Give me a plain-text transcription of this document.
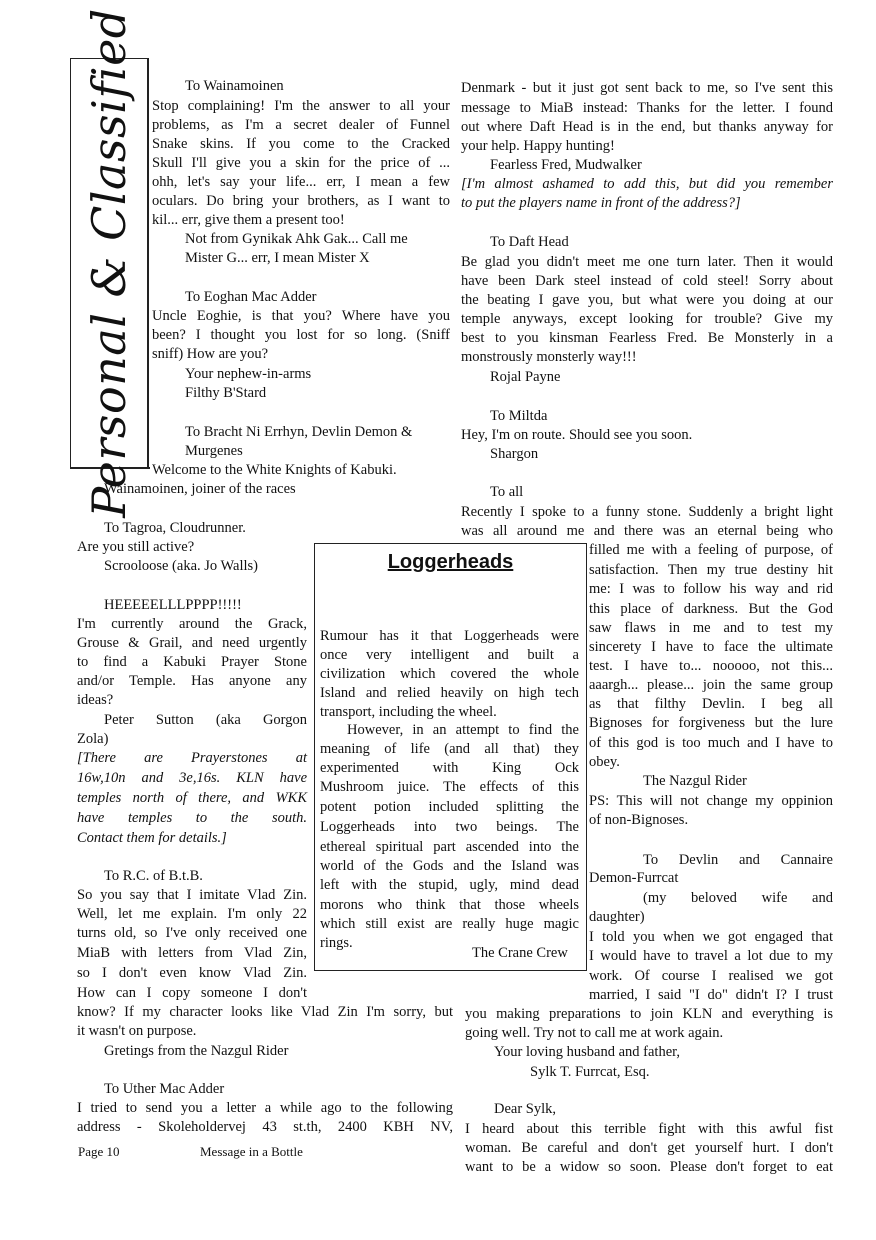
Personal & Classified
Loggerheads
To Wainamoinen
Stop complaining! I'm the answer to all your
problems, as I'm a secret dealer of Funnel
Snake skins. If you come to the Cracked
Skull I'll give you a skin for the price of ...
ohh, let's say your life... err, I mean a few
oculars. Do bring your brothers, as I want to
kil... err, give them a present too!
Not from Gynikak Ahk Gak... Call me
Mister G... err, I mean Mister X
To Eoghan Mac Adder
Uncle Eoghie, is that you? Where have you
been? I thought you lost for so long. (Sniff
sniff) How are you?
Your nephew-in-arms
Filthy B'Stard
To Bracht Ni Errhyn, Devlin Demon &
Murgenes
Welcome to the White Knights of Kabuki.
Wainamoinen, joiner of the races
To Tagroa, Cloudrunner.
Are you still active?
Scrooloose (aka. Jo Walls)
HEEEEELLLPPPP!!!!!
I'm currently around the Grack,
Grouse & Grail, and need urgently
to find a Kabuki Prayer Stone
and/or Temple. Has anyone any
ideas?
Peter Sutton (aka Gorgon
Zola)
[There are Prayerstones at
16w,10n and 3e,16s. KLN have
temples north of there, and WKK
have temples to the south.
Contact them for details.]
To R.C. of B.t.B.
So you say that I imitate Vlad Zin.
Well, let me explain. I'm only 22
turns old, so I've only received one
MiaB with letters from Vlad Zin,
so I don't even know Vlad Zin.
How can I copy someone I don't
know? If my character looks like Vlad Zin I'm sorry, but
it wasn't on purpose.
Gretings from the Nazgul Rider
To Uther Mac Adder
I tried to send you a letter a while ago to the following
address - Skoleholdervej 43 st.th, 2400 KBH NV,
Rumour has it that Loggerheads were
once very intelligent and built a
civilization which covered the whole
Island and relied heavily on high tech
transport, including the wheel.
However, in an attempt to find the
meaning of life (and all that) they
experimented with King Ock
Mushroom juice. The effects of this
potent potion included splitting the
Loggerheads into two beings. The
ethereal spiritual part ascended into the
world of the Gods and the Island was
left with the stupid, ugly, mind dead
morons who think that those wheels
which still exist are really huge magic
rings.
Denmark - but it just got sent back to me, so I've sent this
message to MiaB instead: Thanks for the letter. I found
out where Daft Head is in the end, but thanks anyway for
your help. Happy hunting!
Fearless Fred, Mudwalker
[I'm almost ashamed to add this, but did you remember
to put the players name in front of the address?]
To Daft Head
Be glad you didn't meet me one turn later. Then it would
have been Dark steel instead of cold steel! Sorry about
the beating I gave you, but what were you doing at our
temple anyways, except looking for trouble? Give my
best to you kinsman Fearless Fred. Be Monsterly in a
monstrously monsterly way!!!
Rojal Payne
To Miltda
Hey, I'm on route. Should see you soon.
Shargon
To all
Recently I spoke to a funny stone. Suddenly a bright light
was all around me and there was an eternal being who
filled me with a feeling of purpose, of
satisfaction. Then my true destiny hit
me: I was to follow his way and rid
this place of darkness. But the God
saw flaws in me and to test my
sincerety I have to face the ultimate
test. I have to... nooooo, not this...
aaargh... please... join the same group
as that filthy Devlin. I beg all
Bignoses for forgiveness but the lure
of this god is too much and I have to
obey.
The Nazgul Rider
PS: This will not change my oppinion
of non-Bignoses.
To Devlin and Cannaire
Demon-Furrcat
(my beloved wife and
daughter)
I told you when we got engaged that
I would have to travel a lot due to my
work. Of course I realised we got
married, I said "I do" didn't I? I trust
you making preparations to join KLN and everything is
going well. Try not to call me at work again.
Your loving husband and father,
Sylk T. Furrcat, Esq.
Dear Sylk,
I heard about this terrible fight with this awful fist
woman. Be careful and don't get yourself hurt. I don't
want to be a widow so soon. Please don't forget to eat
The Crane Crew
Page 10	Message in a Bottle
